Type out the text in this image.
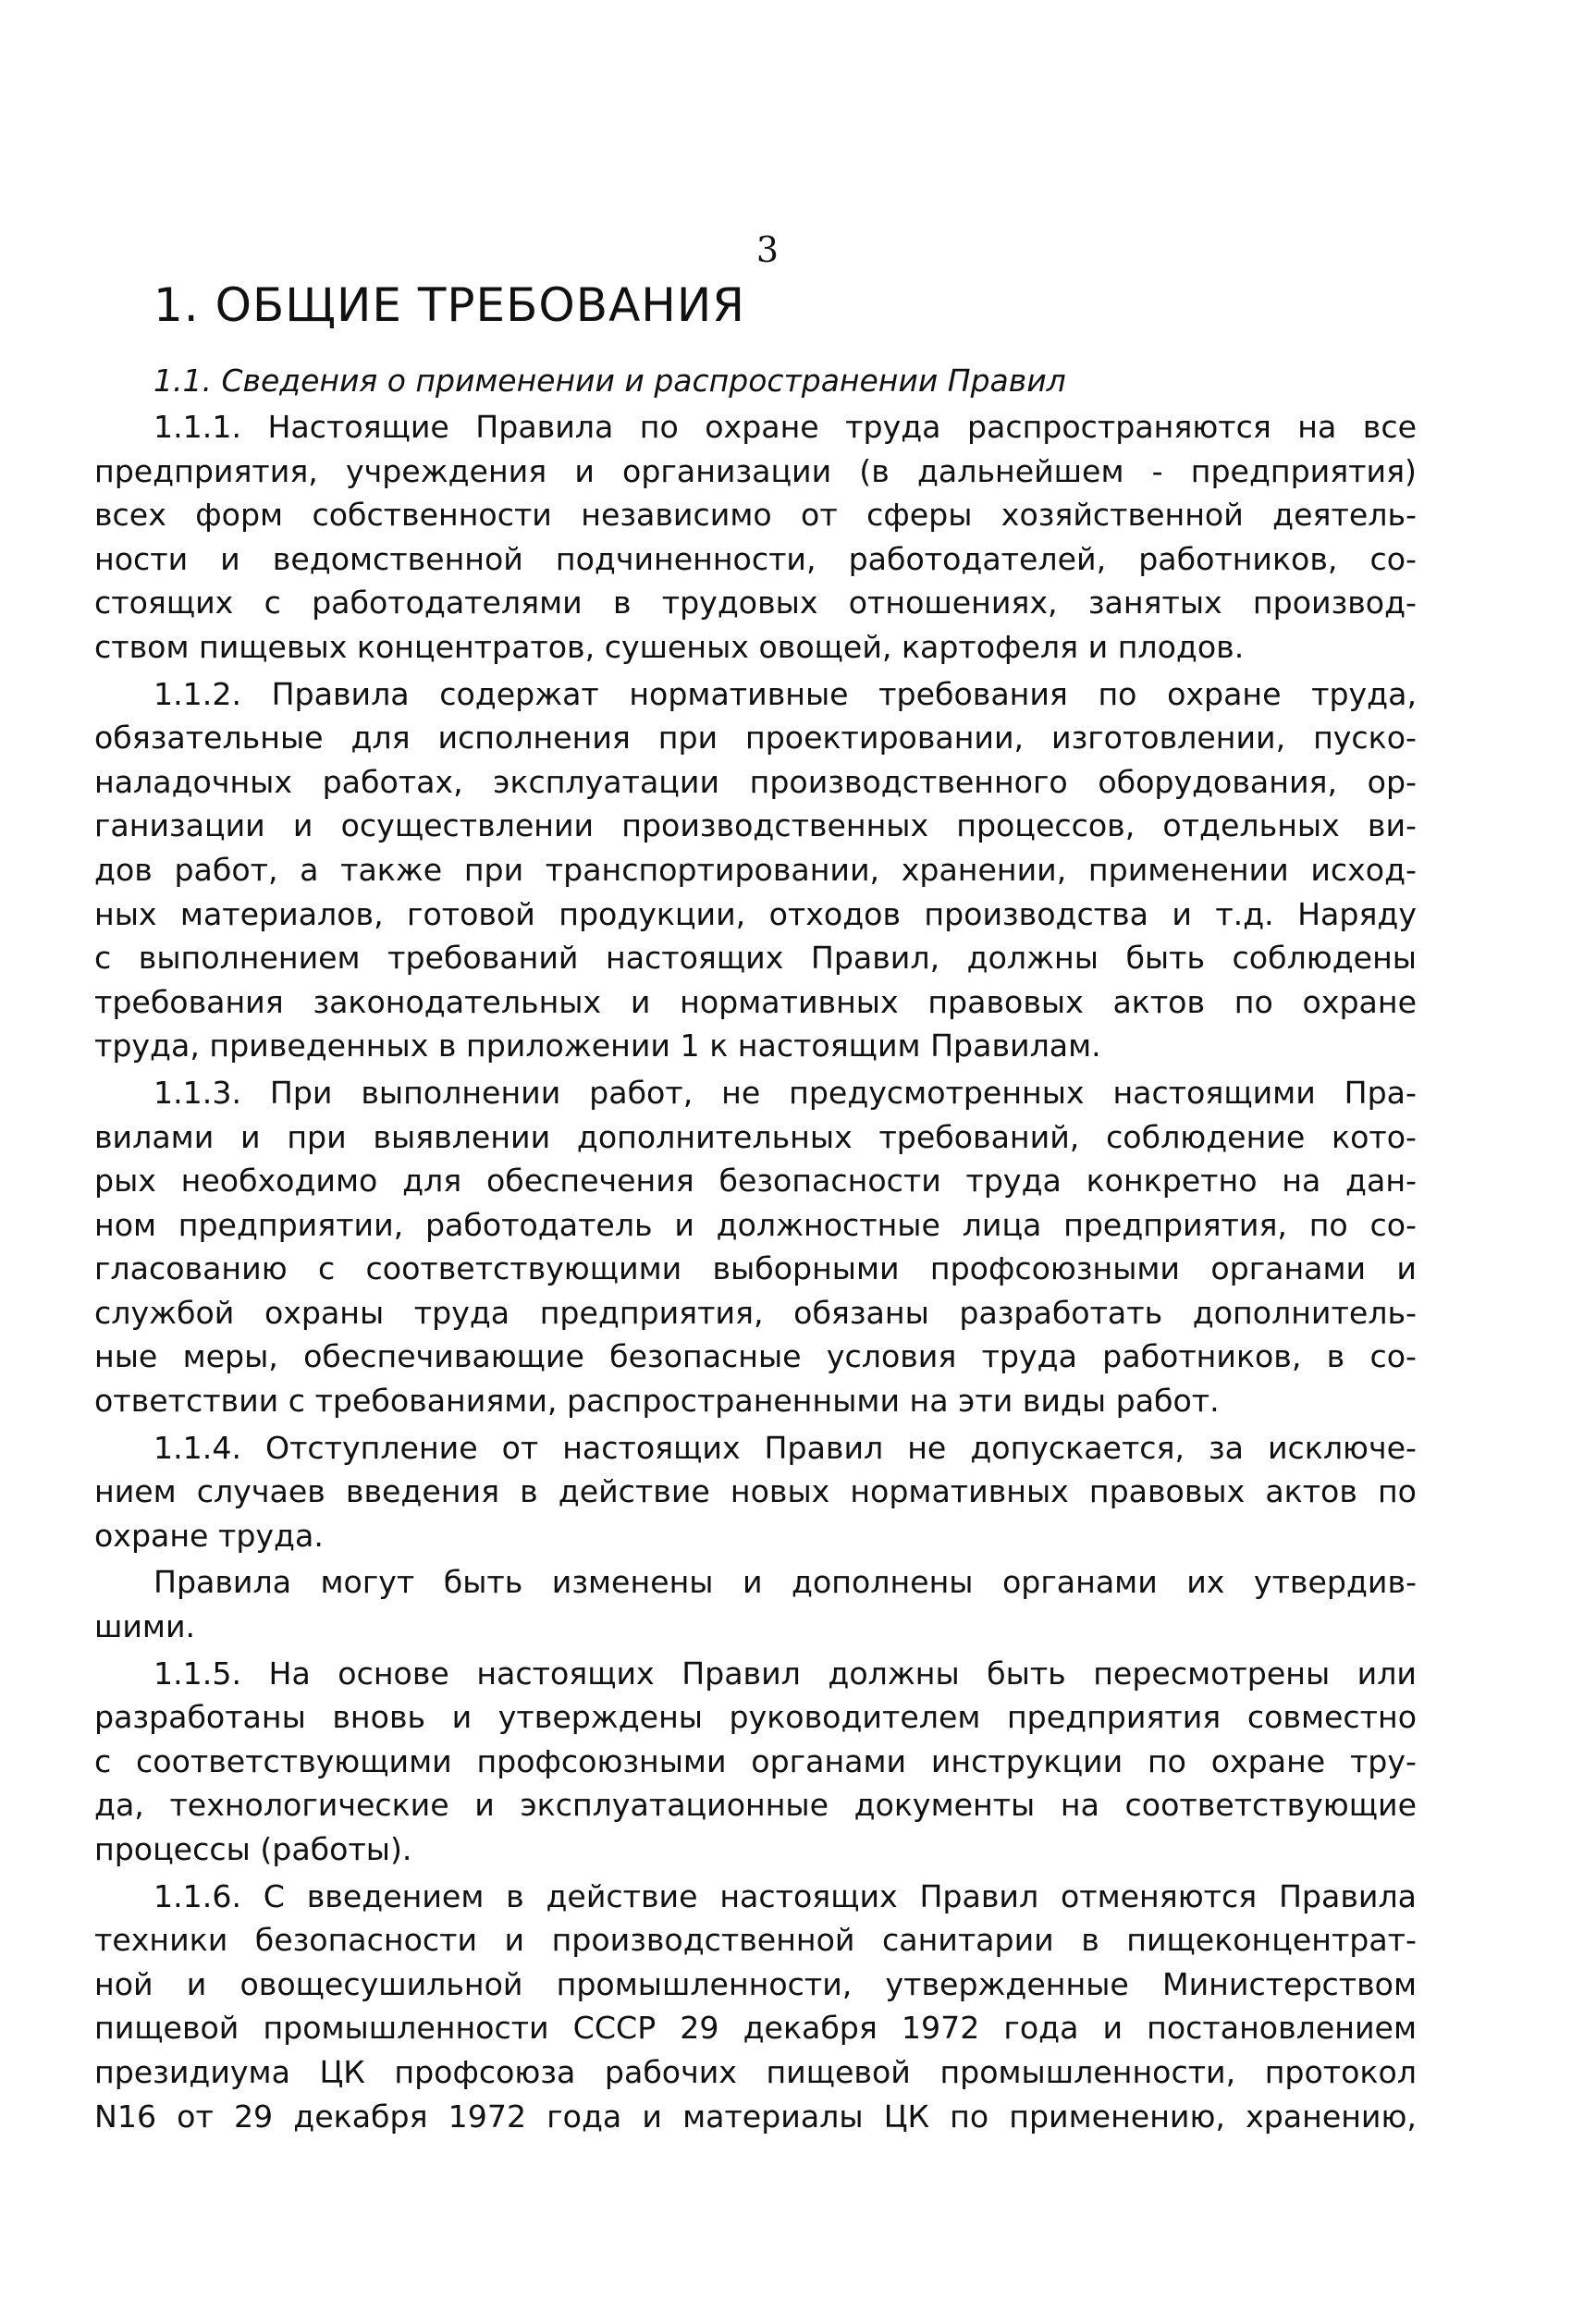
3
1. ОБЩИЕ ТРЕБОВАНИЯ
1.1. Сведения о применении и распространении Правил

1.1.1. Настоящие Правила по охране труда распространяются на все
предприятия, учреждения и организации (в дальнейшем - предприятия)
всех форм собственности независимо от сферы хозяйственной деятель-
ности и ведомственной подчиненности, работодателей, работников, со-
стоящих с работодателями в трудовых отношениях, занятых производ-
ством пищевых концентратов, сушеных овощей, картофеля и плодов.

1.1.2. Правила содержат нормативные требования по охране труда,
обязательные для исполнения при проектировании, изготовлении, пуско-
наладочных работах, эксплуатации производственного оборудования, ор-
ганизации и осуществлении производственных процессов, отдельных ви-
дов работ, а также при транспортировании, хранении, применении исход-
ных материалов, готовой продукции, отходов производства и т.д. Наряду
с выполнением требований настоящих Правил, должны быть соблюдены
требования законодательных и нормативных правовых актов по охране
труда, приведенных в приложении 1 к настоящим Правилам.

1.1.3. При выполнении работ, не предусмотренных настоящими Пра-
вилами и при выявлении дополнительных требований, соблюдение кото-
рых необходимо для обеспечения безопасности труда конкретно на дан-
ном предприятии, работодатель и должностные лица предприятия, по со-
гласованию с соответствующими выборными профсоюзными органами и
службой охраны труда предприятия, обязаны разработать дополнитель-
ные меры, обеспечивающие безопасные условия труда работников, в со-
ответствии с требованиями, распространенными на эти виды работ.

1.1.4. Отступление от настоящих Правил не допускается, за исключе-
нием случаев введения в действие новых нормативных правовых актов по
охране труда.

Правила могут быть изменены и дополнены органами их утвердив-
шими.

1.1.5. На основе настоящих Правил должны быть пересмотрены или
разработаны вновь и утверждены руководителем предприятия совместно
с соответствующими профсоюзными органами инструкции по охране тру-
да, технологические и эксплуатационные документы на соответствующие
процессы (работы).

1.1.6. С введением в действие настоящих Правил отменяются Правила
техники безопасности и производственной санитарии в пищеконцентрат-
ной и овощесушильной промышленности, утвержденные Министерством
пищевой промышленности СССР 29 декабря 1972 года и постановлением
президиума ЦК профсоюза рабочих пищевой промышленности, протокол
N16 от 29 декабря 1972 года и материалы ЦК по применению, хранению,
